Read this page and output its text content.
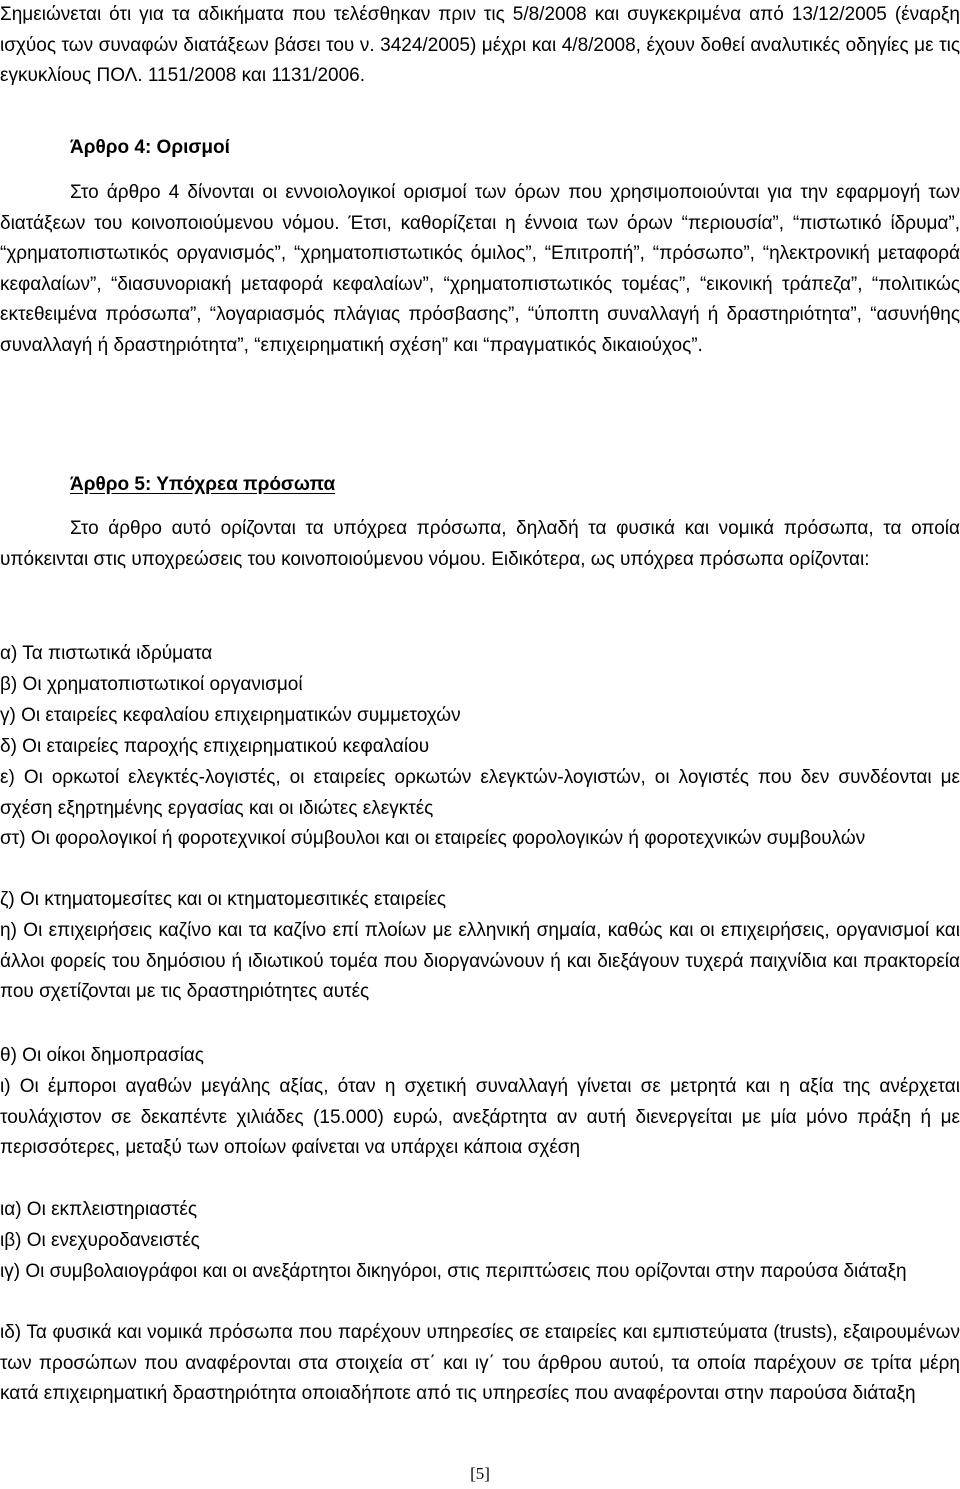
Σημειώνεται ότι για τα αδικήματα που τελέσθηκαν πριν τις 5/8/2008 και συγκεκριμένα από 13/12/2005 (έναρξη ισχύος των συναφών διατάξεων βάσει του ν. 3424/2005) μέχρι και 4/8/2008, έχουν δοθεί αναλυτικές οδηγίες με τις εγκυκλίους ΠΟΛ. 1151/2008 και 1131/2006.

Άρθρο 4: Ορισμοί

Στο άρθρο 4 δίνονται οι εννοιολογικοί ορισμοί των όρων που χρησιμοποιούνται για την εφαρμογή των διατάξεων του κοινοποιούμενου νόμου. Έτσι, καθορίζεται η έννοια των όρων “περιουσία”, “πιστωτικό ίδρυμα”, “χρηματοπιστωτικός οργανισμός”, “χρηματοπιστωτικός όμιλος”, “Επιτροπή”, “πρόσωπο”, “ηλεκτρονική μεταφορά κεφαλαίων”, “διασυνοριακή μεταφορά κεφαλαίων”, “χρηματοπιστωτικός τομέας”, “εικονική τράπεζα”, “πολιτικώς εκτεθειμένα πρόσωπα”, “λογαριασμός πλάγιας πρόσβασης”, “ύποπτη συναλλαγή ή δραστηριότητα”, “ασυνήθης συναλλαγή ή δραστηριότητα”, “επιχειρηματική σχέση” και “πραγματικός δικαιούχος”.

Άρθρο 5: Υπόχρεα πρόσωπα

Στο άρθρο αυτό ορίζονται τα υπόχρεα πρόσωπα, δηλαδή τα φυσικά και νομικά πρόσωπα, τα οποία υπόκεινται στις υποχρεώσεις του κοινοποιούμενου νόμου. Ειδικότερα, ως υπόχρεα πρόσωπα ορίζονται:

α) Τα πιστωτικά ιδρύματα

β) Οι χρηματοπιστωτικοί οργανισμοί

γ) Οι εταιρείες κεφαλαίου επιχειρηματικών συμμετοχών

δ) Οι εταιρείες παροχής επιχειρηματικού κεφαλαίου

ε) Οι ορκωτοί ελεγκτές-λογιστές, οι εταιρείες ορκωτών ελεγκτών-λογιστών, οι λογιστές που δεν συνδέονται με σχέση εξηρτημένης εργασίας και οι ιδιώτες ελεγκτές

στ) Οι φορολογικοί ή φοροτεχνικοί σύμβουλοι και οι εταιρείες φορολογικών ή φοροτεχνικών συμβουλών

ζ) Οι κτηματομεσίτες και οι κτηματομεσιτικές εταιρείες

η) Οι επιχειρήσεις καζίνο και τα καζίνο επί πλοίων με ελληνική σημαία, καθώς και οι επιχειρήσεις, οργανισμοί και άλλοι φορείς του δημόσιου ή ιδιωτικού τομέα που διοργανώνουν ή και διεξάγουν τυχερά παιχνίδια και πρακτορεία που σχετίζονται με τις δραστηριότητες αυτές

θ) Οι οίκοι δημοπρασίας

ι) Οι έμποροι αγαθών μεγάλης αξίας, όταν η σχετική συναλλαγή γίνεται σε μετρητά και η αξία της ανέρχεται τουλάχιστον σε δεκαπέντε χιλιάδες (15.000) ευρώ, ανεξάρτητα αν αυτή διενεργείται με μία μόνο πράξη ή με περισσότερες, μεταξύ των οποίων φαίνεται να υπάρχει κάποια σχέση

ια) Οι εκπλειστηριαστές

ιβ) Οι ενεχυροδανειστές

ιγ) Οι συμβολαιογράφοι και οι ανεξάρτητοι δικηγόροι, στις περιπτώσεις που ορίζονται στην παρούσα διάταξη

ιδ) Τα φυσικά και νομικά πρόσωπα που παρέχουν υπηρεσίες σε εταιρείες και εμπιστεύματα (trusts), εξαιρουμένων των προσώπων που αναφέρονται στα στοιχεία στ΄ και ιγ΄ του άρθρου αυτού, τα οποία παρέχουν σε τρίτα μέρη κατά επιχειρηματική δραστηριότητα οποιαδήποτε από τις υπηρεσίες που αναφέρονται στην παρούσα διάταξη

[5]
